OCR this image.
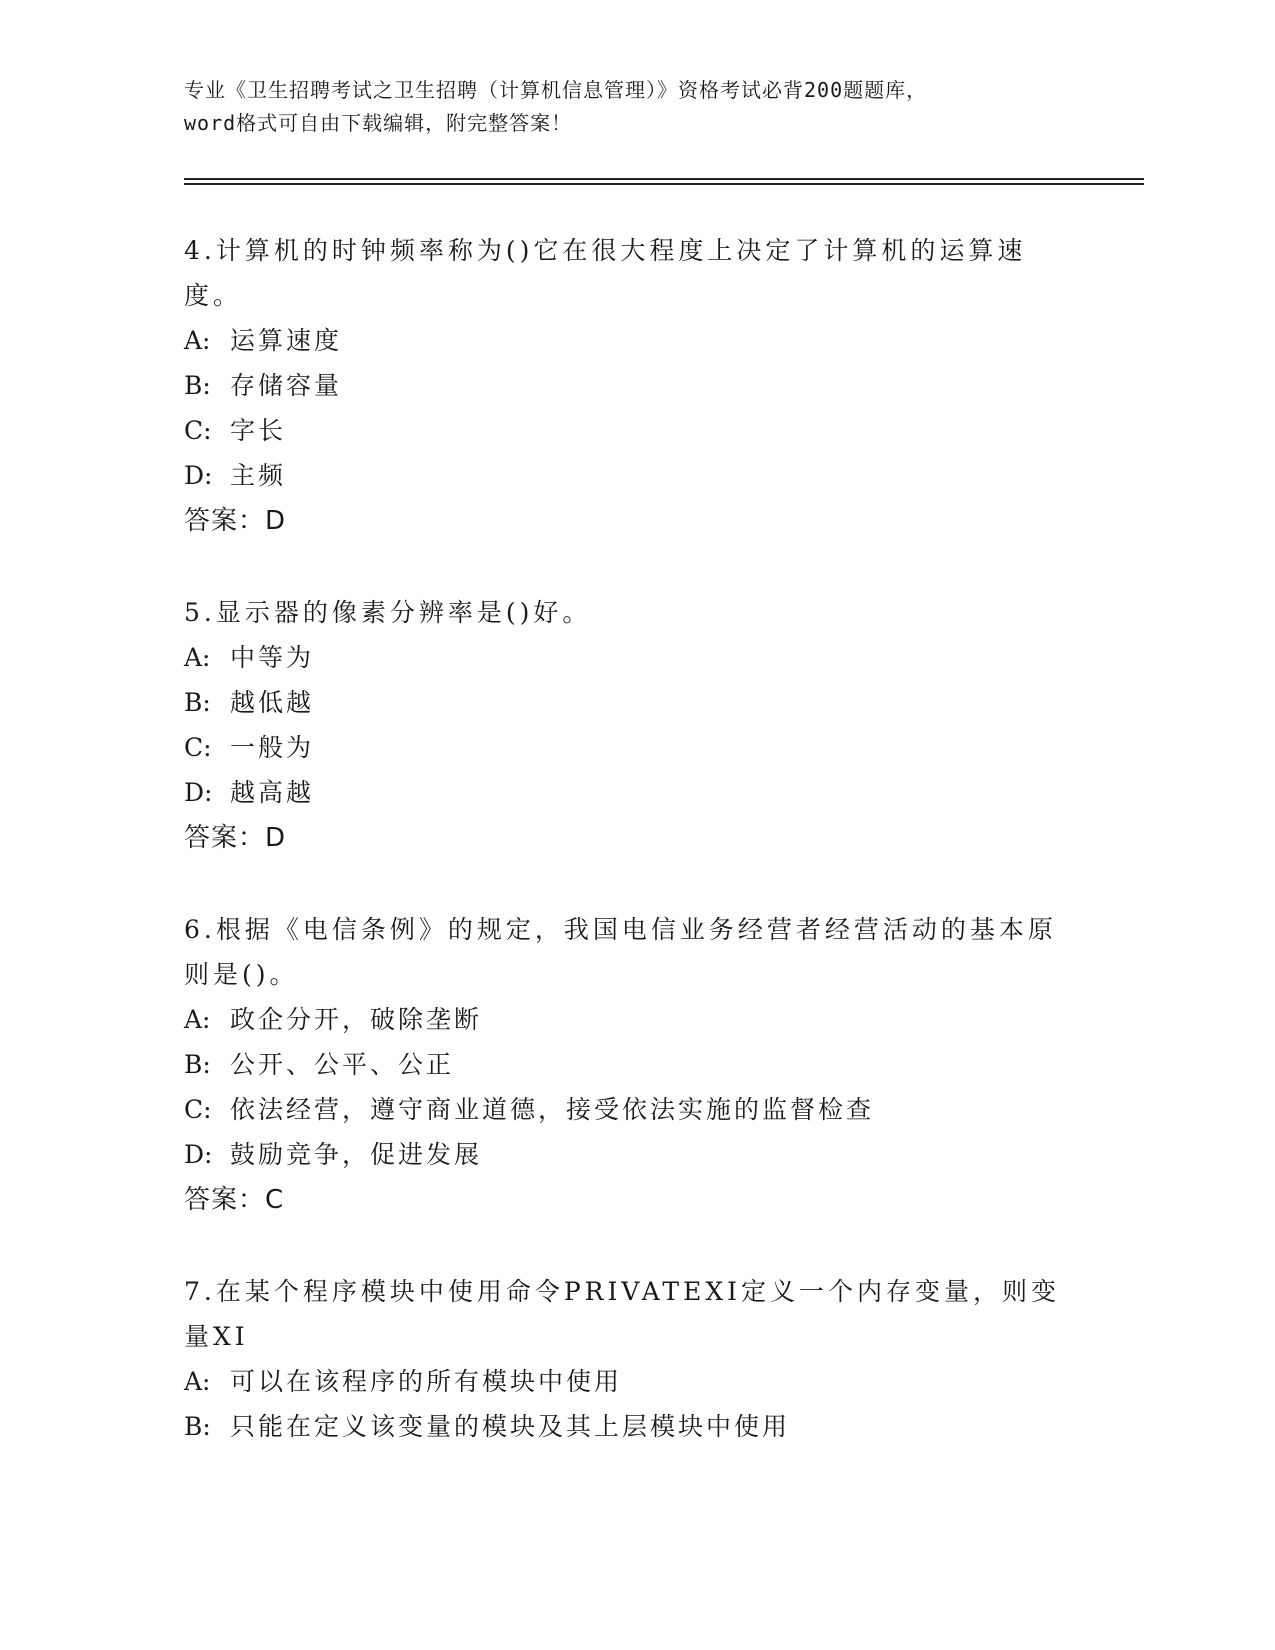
专业《卫生招聘考试之卫生招聘（计算机信息管理）》资格考试必背200题题库，
word格式可自由下载编辑，附完整答案！
4.计算机的时钟频率称为()它在很大程度上决定了计算机的运算速度。
A: 运算速度
B: 存储容量
C: 字长
D: 主频
答案：D
5.显示器的像素分辨率是()好。
A: 中等为
B: 越低越
C: 一般为
D: 越高越
答案：D
6.根据《电信条例》的规定，我国电信业务经营者经营活动的基本原则是()。
A: 政企分开，破除垄断
B: 公开、公平、公正
C: 依法经营，遵守商业道德，接受依法实施的监督检查
D: 鼓励竞争，促进发展
答案：C
7.在某个程序模块中使用命令PRIVATEXI定义一个内存变量，则变量XI
A: 可以在该程序的所有模块中使用
B: 只能在定义该变量的模块及其上层模块中使用
